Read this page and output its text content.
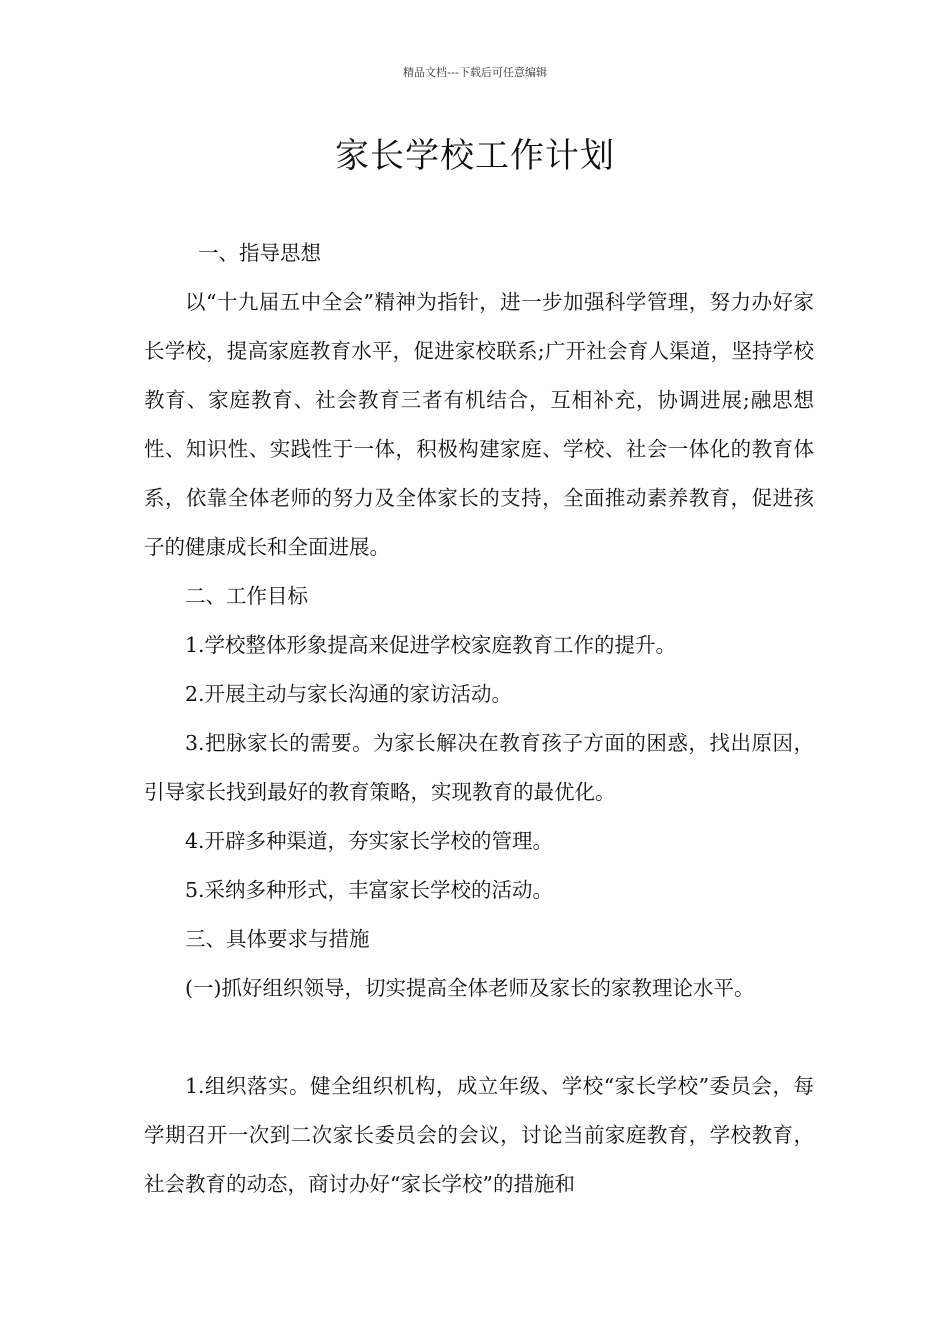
精品文档---下载后可任意编辑
家长学校工作计划

一、指导思想

以“十九届五中全会”精神为指针，进一步加强科学管理，努力办好家长学校，提高家庭教育水平，促进家校联系;广开社会育人渠道，坚持学校教育、家庭教育、社会教育三者有机结合，互相补充，协调进展;融思想性、知识性、实践性于一体，积极构建家庭、学校、社会一体化的教育体系，依靠全体老师的努力及全体家长的支持，全面推动素养教育，促进孩子的健康成长和全面进展。

二、工作目标

1.学校整体形象提高来促进学校家庭教育工作的提升。

2.开展主动与家长沟通的家访活动。

3.把脉家长的需要。为家长解决在教育孩子方面的困惑，找出原因，引导家长找到最好的教育策略，实现教育的最优化。

4.开辟多种渠道，夯实家长学校的管理。

5.采纳多种形式，丰富家长学校的活动。

三、具体要求与措施

(一)抓好组织领导，切实提高全体老师及家长的家教理论水平。

1.组织落实。健全组织机构，成立年级、学校“家长学校”委员会，每学期召开一次到二次家长委员会的会议，讨论当前家庭教育，学校教育，社会教育的动态，商讨办好“家长学校”的措施和
